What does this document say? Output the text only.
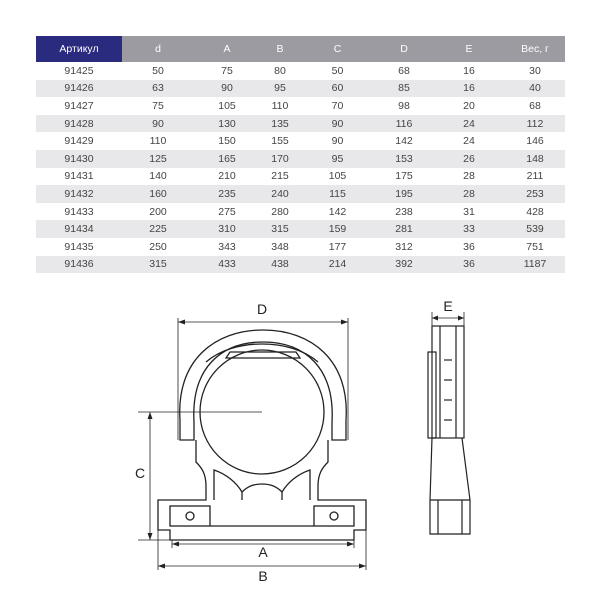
Артикул	d	A	B	C	D	E	Вес, г
91425	50	75	80	50	68	16	30
91426	63	90	95	60	85	16	40
91427	75	105	110	70	98	20	68
91428	90	130	135	90	116	24	112
91429	110	150	155	90	142	24	146
91430	125	165	170	95	153	26	148
91431	140	210	215	105	175	28	211
91432	160	235	240	115	195	28	253
91433	200	275	280	142	238	31	428
91434	225	310	315	159	281	33	539
91435	250	343	348	177	312	36	751
91436	315	433	438	214	392	36	1187
D	E
C
A
B
